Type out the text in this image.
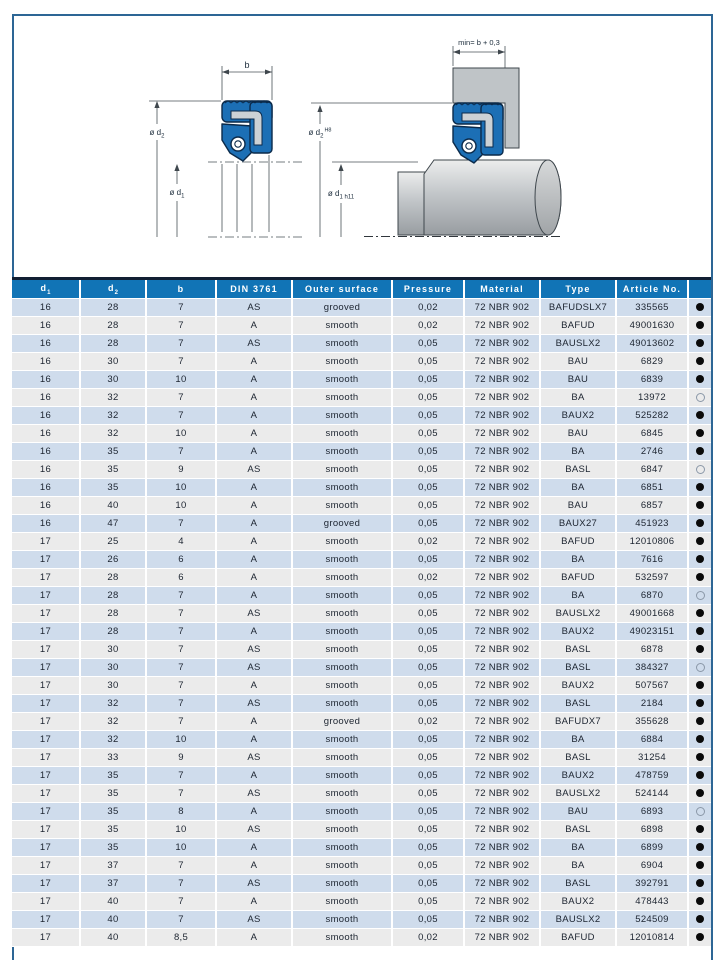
b
ø $d_2$
ø $d_1$
min= b + 0,3
ø $d_2^{H8}$
ø $d_1$ h11
$d_1$	$d_2$	b	DIN 3761	Outer surface	Pressure	Material	Type	Article No.	
16	28	7	AS	grooved	0,02	72 NBR 902	BAFUDSLX7	335565	
16	28	7	A	smooth	0,02	72 NBR 902	BAFUD	49001630	
16	28	7	AS	smooth	0,05	72 NBR 902	BAUSLX2	49013602	
16	30	7	A	smooth	0,05	72 NBR 902	BAU	6829	
16	30	10	A	smooth	0,05	72 NBR 902	BAU	6839	
16	32	7	A	smooth	0,05	72 NBR 902	BA	13972	
16	32	7	A	smooth	0,05	72 NBR 902	BAUX2	525282	
16	32	10	A	smooth	0,05	72 NBR 902	BAU	6845	
16	35	7	A	smooth	0,05	72 NBR 902	BA	2746	
16	35	9	AS	smooth	0,05	72 NBR 902	BASL	6847	
16	35	10	A	smooth	0,05	72 NBR 902	BA	6851	
16	40	10	A	smooth	0,05	72 NBR 902	BAU	6857	
16	47	7	A	grooved	0,05	72 NBR 902	BAUX27	451923	
17	25	4	A	smooth	0,02	72 NBR 902	BAFUD	12010806	
17	26	6	A	smooth	0,05	72 NBR 902	BA	7616	
17	28	6	A	smooth	0,02	72 NBR 902	BAFUD	532597	
17	28	7	A	smooth	0,05	72 NBR 902	BA	6870	
17	28	7	AS	smooth	0,05	72 NBR 902	BAUSLX2	49001668	
17	28	7	A	smooth	0,05	72 NBR 902	BAUX2	49023151	
17	30	7	AS	smooth	0,05	72 NBR 902	BASL	6878	
17	30	7	AS	smooth	0,05	72 NBR 902	BASL	384327	
17	30	7	A	smooth	0,05	72 NBR 902	BAUX2	507567	
17	32	7	AS	smooth	0,05	72 NBR 902	BASL	2184	
17	32	7	A	grooved	0,02	72 NBR 902	BAFUDX7	355628	
17	32	10	A	smooth	0,05	72 NBR 902	BA	6884	
17	33	9	AS	smooth	0,05	72 NBR 902	BASL	31254	
17	35	7	A	smooth	0,05	72 NBR 902	BAUX2	478759	
17	35	7	AS	smooth	0,05	72 NBR 902	BAUSLX2	524144	
17	35	8	A	smooth	0,05	72 NBR 902	BAU	6893	
17	35	10	AS	smooth	0,05	72 NBR 902	BASL	6898	
17	35	10	A	smooth	0,05	72 NBR 902	BA	6899	
17	37	7	A	smooth	0,05	72 NBR 902	BA	6904	
17	37	7	AS	smooth	0,05	72 NBR 902	BASL	392791	
17	40	7	A	smooth	0,05	72 NBR 902	BAUX2	478443	
17	40	7	AS	smooth	0,05	72 NBR 902	BAUSLX2	524509	
17	40	8,5	A	smooth	0,02	72 NBR 902	BAFUD	12010814	
